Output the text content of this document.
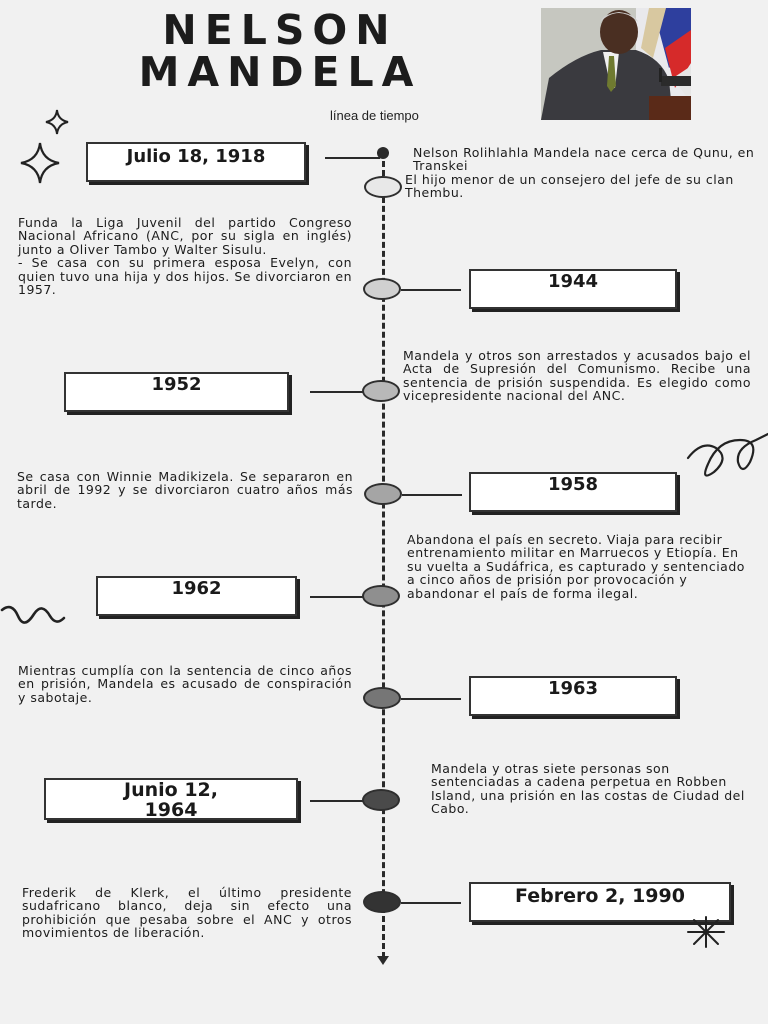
NELSON
MANDELA
línea de tiempo
Julio 18, 1918	Nelson Rolihlahla Mandela nace cerca de Qunu, en Transkei

El hijo menor de un consejero del jefe de su clan Thembu.

Funda la Liga Juvenil del partido Congreso Nacional Africano (ANC, por su sigla en inglés) junto a Oliver Tambo y Walter Sisulu.

- Se casa con su primera esposa Evelyn, con quien tuvo una hija y dos hijos. Se divorciaron en 1957.	1944
1952

Mandela y otros son arrestados y acusados bajo el Acta de Supresión del Comunismo. Recibe una sentencia de prisión suspendida. Es elegido como vicepresidente nacional del ANC.

Se casa con Winnie Madikizela. Se separaron en abril de 1992 y se divorciaron cuatro años más tarde.

1958
1962

Abandona el país en secreto. Viaja para recibir entrenamiento militar en Marruecos y Etiopía. En su vuelta a Sudáfrica, es capturado y sentenciado a cinco años de prisión por provocación y abandonar el país de forma ilegal.

Mientras cumplía con la sentencia de cinco años en prisión, Mandela es acusado de conspiración y sabotaje.	1963
Junio 12,
1964

Mandela y otras siete personas son sentenciadas a cadena perpetua en Robben Island, una prisión en las costas de Ciudad del Cabo.

Frederik de Klerk, el último presidente sudafricano blanco, deja sin efecto una prohibición que pesaba sobre el ANC y otros movimientos de liberación.

Febrero 2, 1990
